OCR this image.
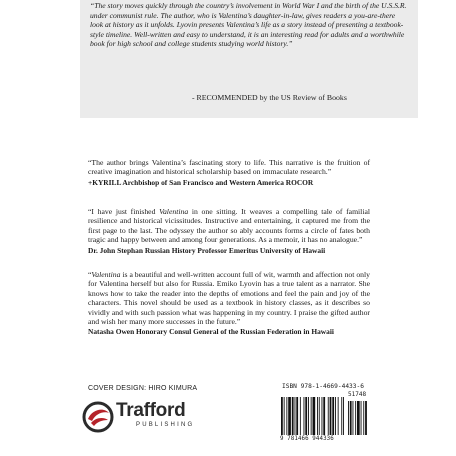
“The story moves quickly through the country’s involvement in World War I and the birth of the U.S.S.R. under communist rule. The author, who is Valentina’s daughter-in-law, gives readers a you-are-there look at history as it unfolds. Lyovin presents Valentina’s life as a story instead of presenting a textbook-style timeline. Well-written and easy to understand, it is an interesting read for adults and a worthwhile book for high school and college students studying world history.”

- RECOMMENDED by the US Review of Books

“The author brings Valentina’s fascinating story to life. This narrative is the fruition of creative imagination and historical scholarship based on immaculate research.”

+KYRILL Archbishop of San Francisco and Western America ROCOR

“I have just finished Valentina in one sitting. It weaves a compelling tale of familial resilience and historical vicissitudes. Instructive and entertaining, it captured me from the first page to the last. The odyssey the author so ably accounts forms a circle of fates both tragic and happy between and among four generations. As a memoir, it has no analogue.”

Dr. John Stephan Russian History Professor Emeritus University of Hawaii

“Valentina is a beautiful and well-written account full of wit, warmth and affection not only for Valentina herself but also for Russia. Emiko Lyovin has a true talent as a narrator. She knows how to take the reader into the depths of emotions and feel the pain and joy of the characters. This novel should be used as a textbook in history classes, as it describes so vividly and with such passion what was happening in my country. I praise the gifted author and wish her many more successes in the future.”

Natasha Owen Honorary Consul General of the Russian Federation in Hawaii
COVER DESIGN: HIRO KIMURA
Trafford
PUBLISHING
ISBN 978-1-4669-4433-6
51748
9 781466 944336
